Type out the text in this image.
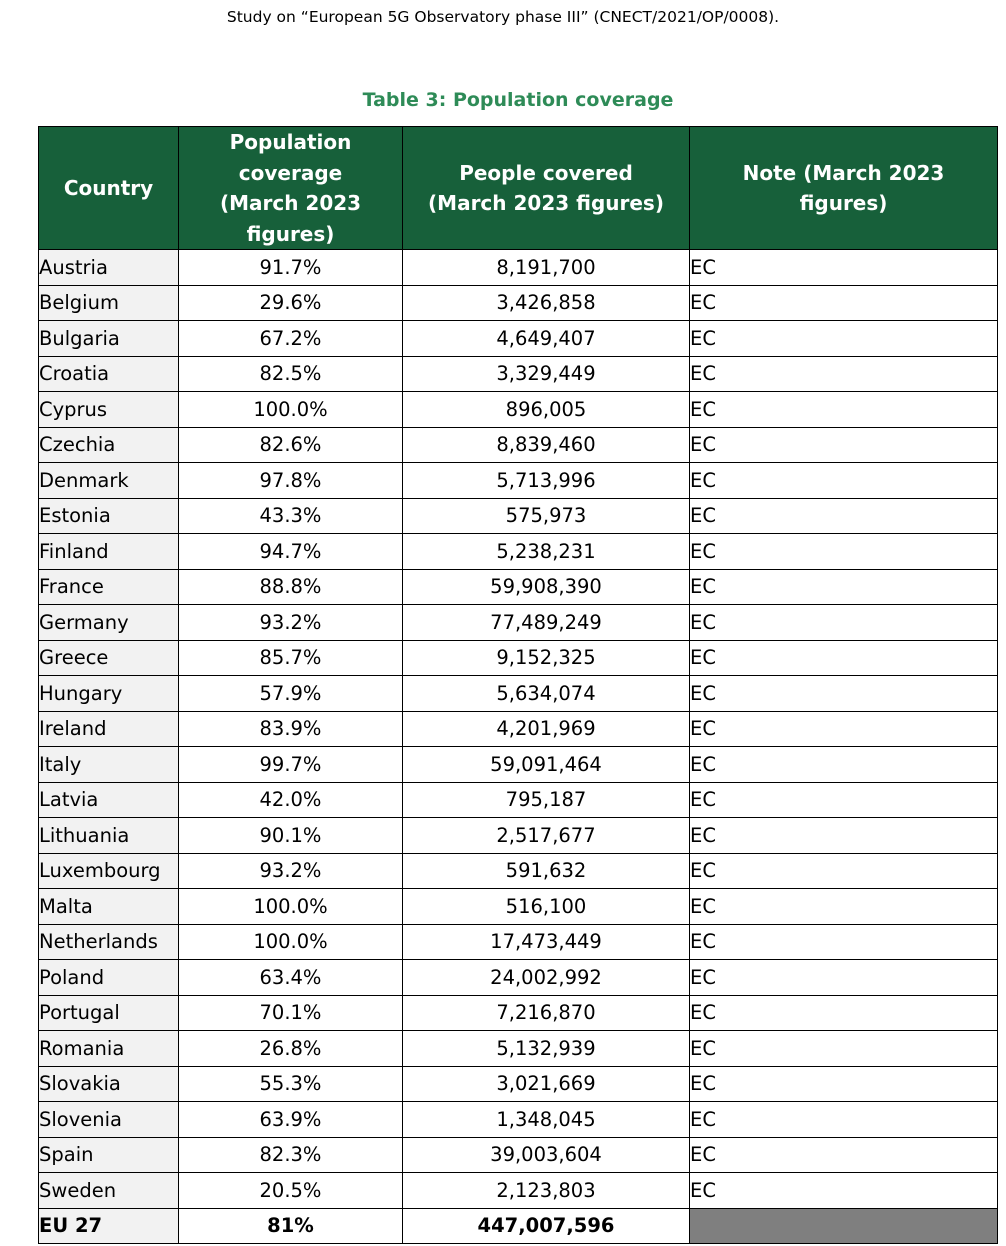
Study on “European 5G Observatory phase III” (CNECT/2021/OP/0008).
Table 3: Population coverage
Country	Population coverage (March 2023 figures)	People covered (March 2023 figures)	Note (March 2023 figures)
Austria	91.7%	8,191,700	EC
Belgium	29.6%	3,426,858	EC
Bulgaria	67.2%	4,649,407	EC
Croatia	82.5%	3,329,449	EC
Cyprus	100.0%	896,005	EC
Czechia	82.6%	8,839,460	EC
Denmark	97.8%	5,713,996	EC
Estonia	43.3%	575,973	EC
Finland	94.7%	5,238,231	EC
France	88.8%	59,908,390	EC
Germany	93.2%	77,489,249	EC
Greece	85.7%	9,152,325	EC
Hungary	57.9%	5,634,074	EC
Ireland	83.9%	4,201,969	EC
Italy	99.7%	59,091,464	EC
Latvia	42.0%	795,187	EC
Lithuania	90.1%	2,517,677	EC
Luxembourg	93.2%	591,632	EC
Malta	100.0%	516,100	EC
Netherlands	100.0%	17,473,449	EC
Poland	63.4%	24,002,992	EC
Portugal	70.1%	7,216,870	EC
Romania	26.8%	5,132,939	EC
Slovakia	55.3%	3,021,669	EC
Slovenia	63.9%	1,348,045	EC
Spain	82.3%	39,003,604	EC
Sweden	20.5%	2,123,803	EC
EU 27	81%	447,007,596	
